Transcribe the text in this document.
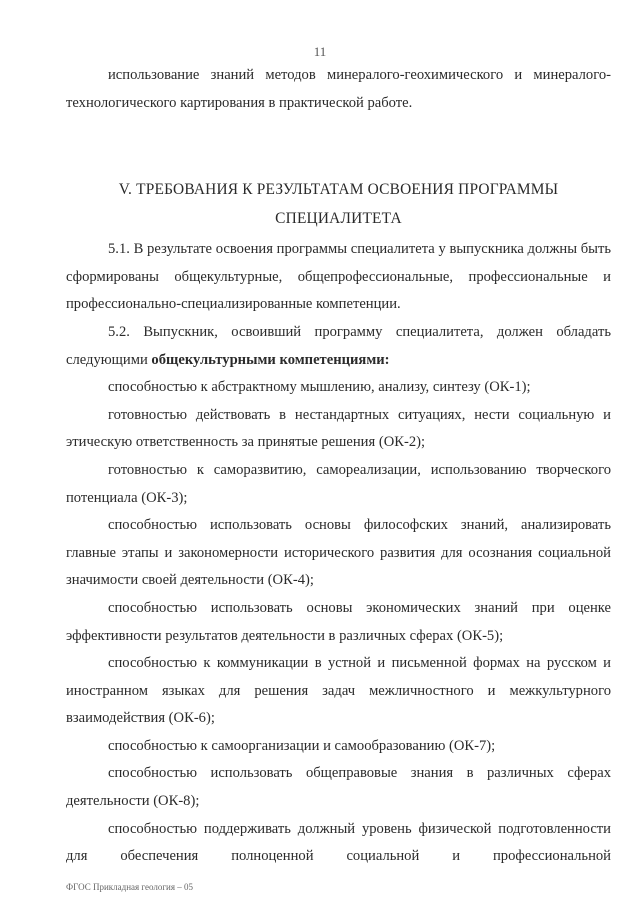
11

использование знаний методов минералого-геохимического и минералого-технологического картирования в практической работе.

V. ТРЕБОВАНИЯ К РЕЗУЛЬТАТАМ ОСВОЕНИЯ ПРОГРАММЫ СПЕЦИАЛИТЕТА

5.1. В результате освоения программы специалитета у выпускника должны быть сформированы общекультурные, общепрофессиональные, профессиональные и профессионально-специализированные компетенции.

5.2. Выпускник, освоивший программу специалитета, должен обладать следующими общекультурными компетенциями:

способностью к абстрактному мышлению, анализу, синтезу (ОК-1);

готовностью действовать в нестандартных ситуациях, нести социальную и этическую ответственность за принятые решения (ОК-2);

готовностью к саморазвитию, самореализации, использованию творческого потенциала (ОК-3);

способностью использовать основы философских знаний, анализировать главные этапы и закономерности исторического развития для осознания социальной значимости своей деятельности (ОК-4);

способностью использовать основы экономических знаний при оценке эффективности результатов деятельности в различных сферах (ОК-5);

способностью к коммуникации в устной и письменной формах на русском и иностранном языках для решения задач межличностного и межкультурного взаимодействия (ОК-6);

способностью к самоорганизации и самообразованию (ОК-7);

способностью использовать общеправовые знания в различных сферах деятельности (ОК-8);

способностью поддерживать должный уровень физической подготовленности для обеспечения полноценной социальной и профессиональной

ФГОС Прикладная геология – 05
